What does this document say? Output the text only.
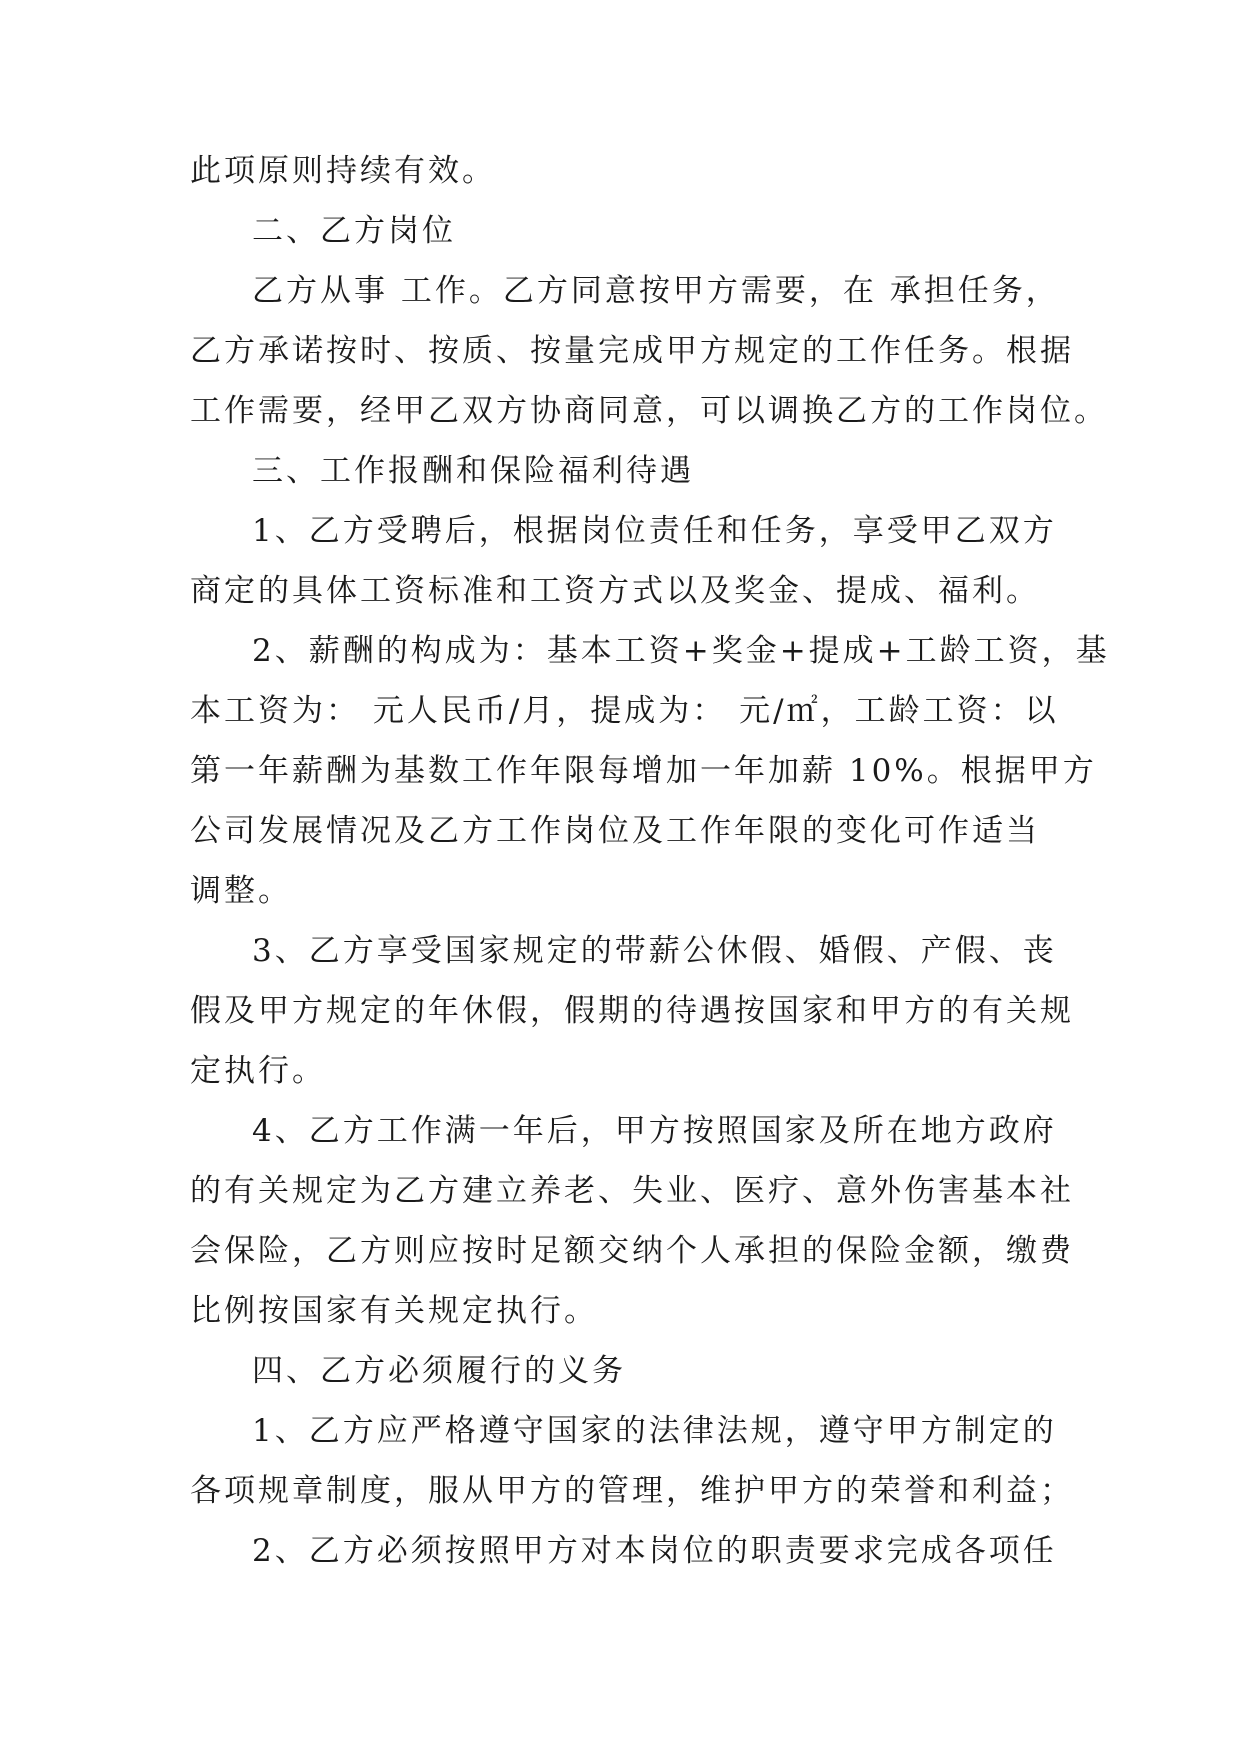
此项原则持续有效。
二、乙方岗位
乙方从事 工作。乙方同意按甲方需要，在 承担任务，
乙方承诺按时、按质、按量完成甲方规定的工作任务。根据
工作需要，经甲乙双方协商同意，可以调换乙方的工作岗位。
三、工作报酬和保险福利待遇
1、乙方受聘后，根据岗位责任和任务，享受甲乙双方
商定的具体工资标准和工资方式以及奖金、提成、福利。
2、薪酬的构成为：基本工资+奖金+提成+工龄工资，基
本工资为： 元人民币/月，提成为： 元/㎡，工龄工资：以
第一年薪酬为基数工作年限每增加一年加薪 10%。根据甲方
公司发展情况及乙方工作岗位及工作年限的变化可作适当
调整。
3、乙方享受国家规定的带薪公休假、婚假、产假、丧
假及甲方规定的年休假，假期的待遇按国家和甲方的有关规
定执行。
4、乙方工作满一年后，甲方按照国家及所在地方政府
的有关规定为乙方建立养老、失业、医疗、意外伤害基本社
会保险，乙方则应按时足额交纳个人承担的保险金额，缴费
比例按国家有关规定执行。
四、乙方必须履行的义务
1、乙方应严格遵守国家的法律法规，遵守甲方制定的
各项规章制度，服从甲方的管理，维护甲方的荣誉和利益；
2、乙方必须按照甲方对本岗位的职责要求完成各项任
